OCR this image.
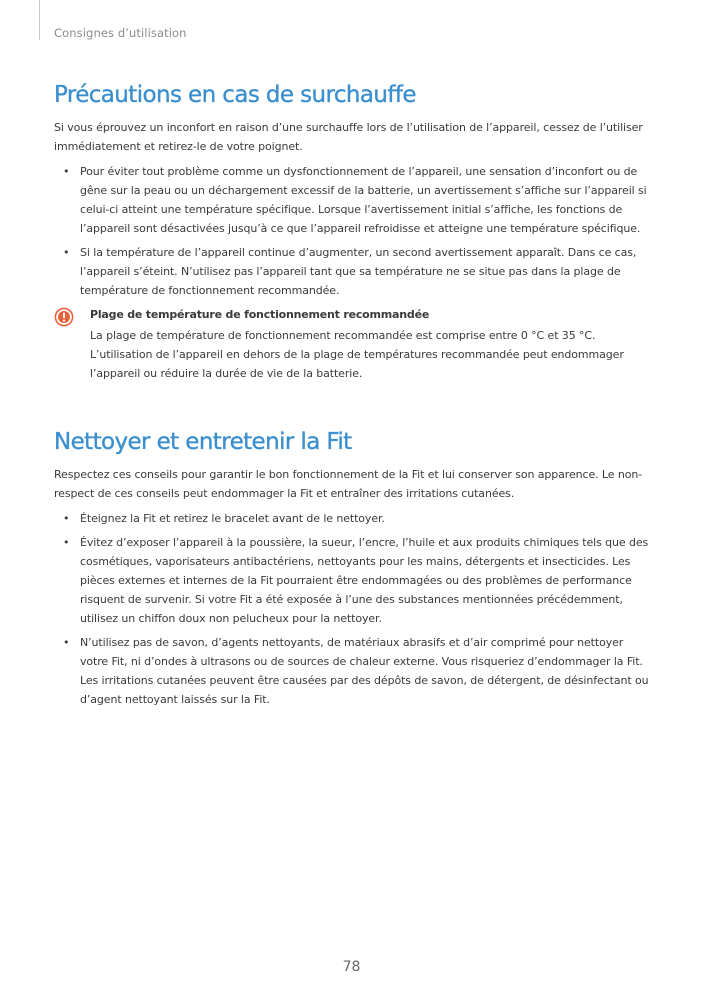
Consignes d’utilisation
Précautions en cas de surchauffe

Si vous éprouvez un inconfort en raison d’une surchauffe lors de l’utilisation de l’appareil, cessez de l’utiliser immédiatement et retirez-le de votre poignet.

• Pour éviter tout problème comme un dysfonctionnement de l’appareil, une sensation d’inconfort ou de gêne sur la peau ou un déchargement excessif de la batterie, un avertissement s’affiche sur l’appareil si celui-ci atteint une température spécifique. Lorsque l’avertissement initial s’affiche, les fonctions de l’appareil sont désactivées jusqu’à ce que l’appareil refroidisse et atteigne une température spécifique.
• Si la température de l’appareil continue d’augmenter, un second avertissement apparaît. Dans ce cas, l’appareil s’éteint. N’utilisez pas l’appareil tant que sa température ne se situe pas dans la plage de température de fonctionnement recommandée.
Plage de température de fonctionnement recommandée
La plage de température de fonctionnement recommandée est comprise entre 0 °C et 35 °C. L’utilisation de l’appareil en dehors de la plage de températures recommandée peut endommager l’appareil ou réduire la durée de vie de la batterie.
Nettoyer et entretenir la Fit

Respectez ces conseils pour garantir le bon fonctionnement de la Fit et lui conserver son apparence. Le non-respect de ces conseils peut endommager la Fit et entraîner des irritations cutanées.

• Éteignez la Fit et retirez le bracelet avant de le nettoyer.
• Évitez d’exposer l’appareil à la poussière, la sueur, l’encre, l’huile et aux produits chimiques tels que des cosmétiques, vaporisateurs antibactériens, nettoyants pour les mains, détergents et insecticides. Les pièces externes et internes de la Fit pourraient être endommagées ou des problèmes de performance risquent de survenir. Si votre Fit a été exposée à l’une des substances mentionnées précédemment, utilisez un chiffon doux non pelucheux pour la nettoyer.
• N’utilisez pas de savon, d’agents nettoyants, de matériaux abrasifs et d’air comprimé pour nettoyer votre Fit, ni d’ondes à ultrasons ou de sources de chaleur externe. Vous risqueriez d’endommager la Fit. Les irritations cutanées peuvent être causées par des dépôts de savon, de détergent, de désinfectant ou d’agent nettoyant laissés sur la Fit.
78
